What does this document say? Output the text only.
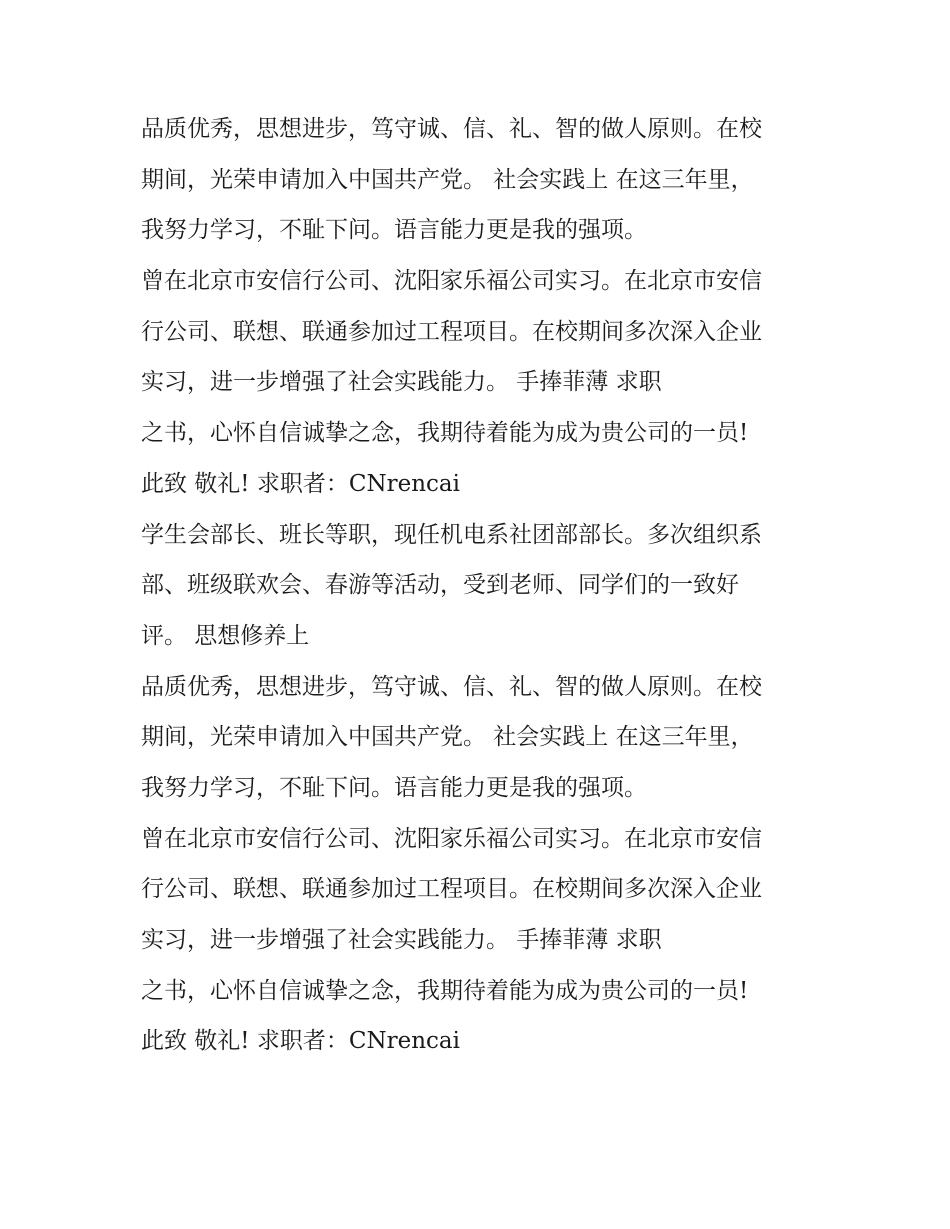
品质优秀，思想进步，笃守诚、信、礼、智的做人原则。在校
期间，光荣申请加入中国共产党。 社会实践上 在这三年里，
我努力学习，不耻下问。语言能力更是我的强项。
曾在北京市安信行公司、沈阳家乐福公司实习。在北京市安信
行公司、联想、联通参加过工程项目。在校期间多次深入企业
实习，进一步增强了社会实践能力。 手捧菲薄 求职
之书，心怀自信诚挚之念，我期待着能为成为贵公司的一员!
此致 敬礼! 求职者：CNrencai
学生会部长、班长等职，现任机电系社团部部长。多次组织系
部、班级联欢会、春游等活动，受到老师、同学们的一致好
评。 思想修养上
品质优秀，思想进步，笃守诚、信、礼、智的做人原则。在校
期间，光荣申请加入中国共产党。 社会实践上 在这三年里，
我努力学习，不耻下问。语言能力更是我的强项。
曾在北京市安信行公司、沈阳家乐福公司实习。在北京市安信
行公司、联想、联通参加过工程项目。在校期间多次深入企业
实习，进一步增强了社会实践能力。 手捧菲薄 求职
之书，心怀自信诚挚之念，我期待着能为成为贵公司的一员!
此致 敬礼! 求职者：CNrencai
